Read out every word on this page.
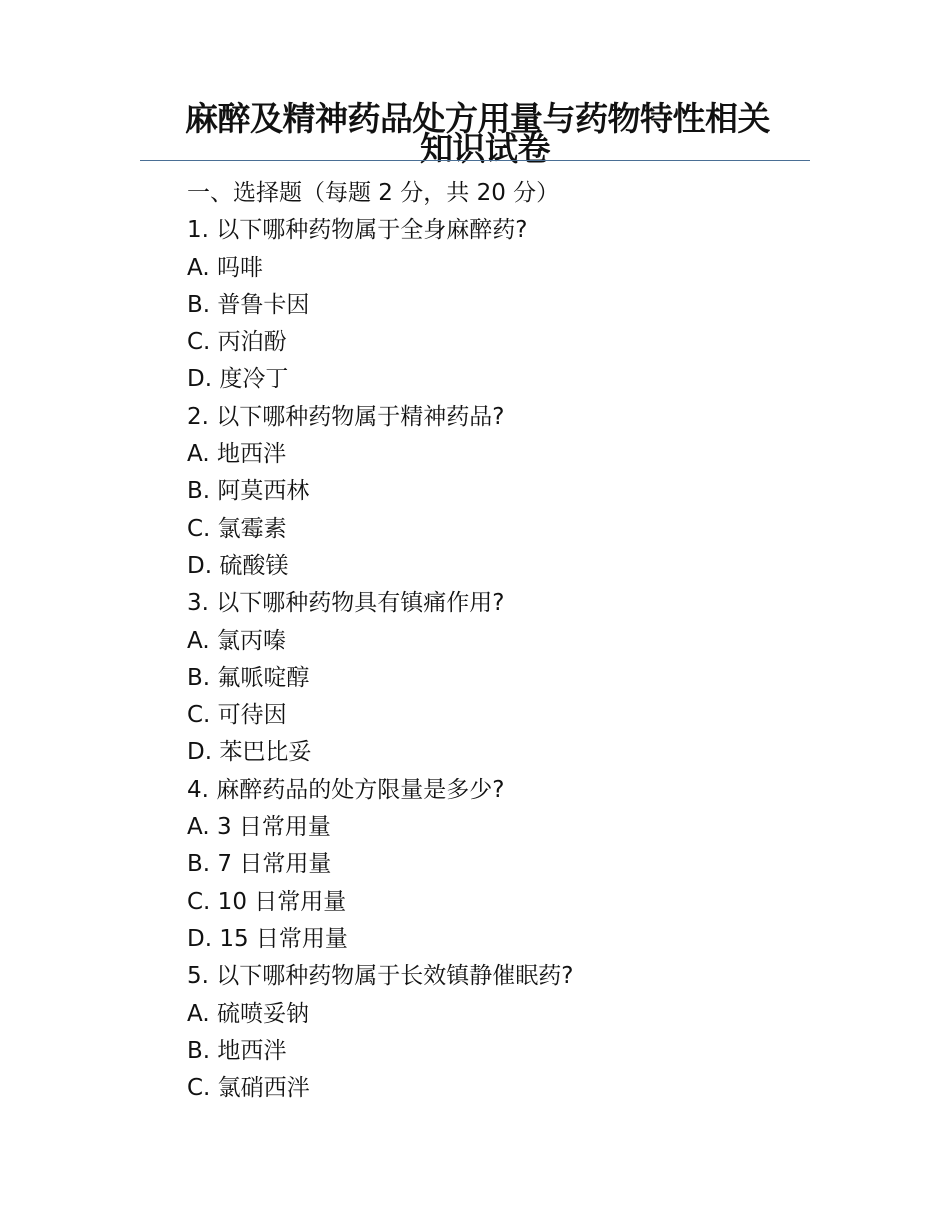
麻醉及精神药品处方用量与药物特性相关
知识试卷
一、选择题（每题 2 分，共 20 分）
1. 以下哪种药物属于全身麻醉药?
A. 吗啡
B. 普鲁卡因
C. 丙泊酚
D. 度冷丁
2. 以下哪种药物属于精神药品?
A. 地西泮
B. 阿莫西林
C. 氯霉素
D. 硫酸镁
3. 以下哪种药物具有镇痛作用?
A. 氯丙嗪
B. 氟哌啶醇
C. 可待因
D. 苯巴比妥
4. 麻醉药品的处方限量是多少?
A. 3 日常用量
B. 7 日常用量
C. 10 日常用量
D. 15 日常用量
5. 以下哪种药物属于长效镇静催眠药?
A. 硫喷妥钠
B. 地西泮
C. 氯硝西泮
